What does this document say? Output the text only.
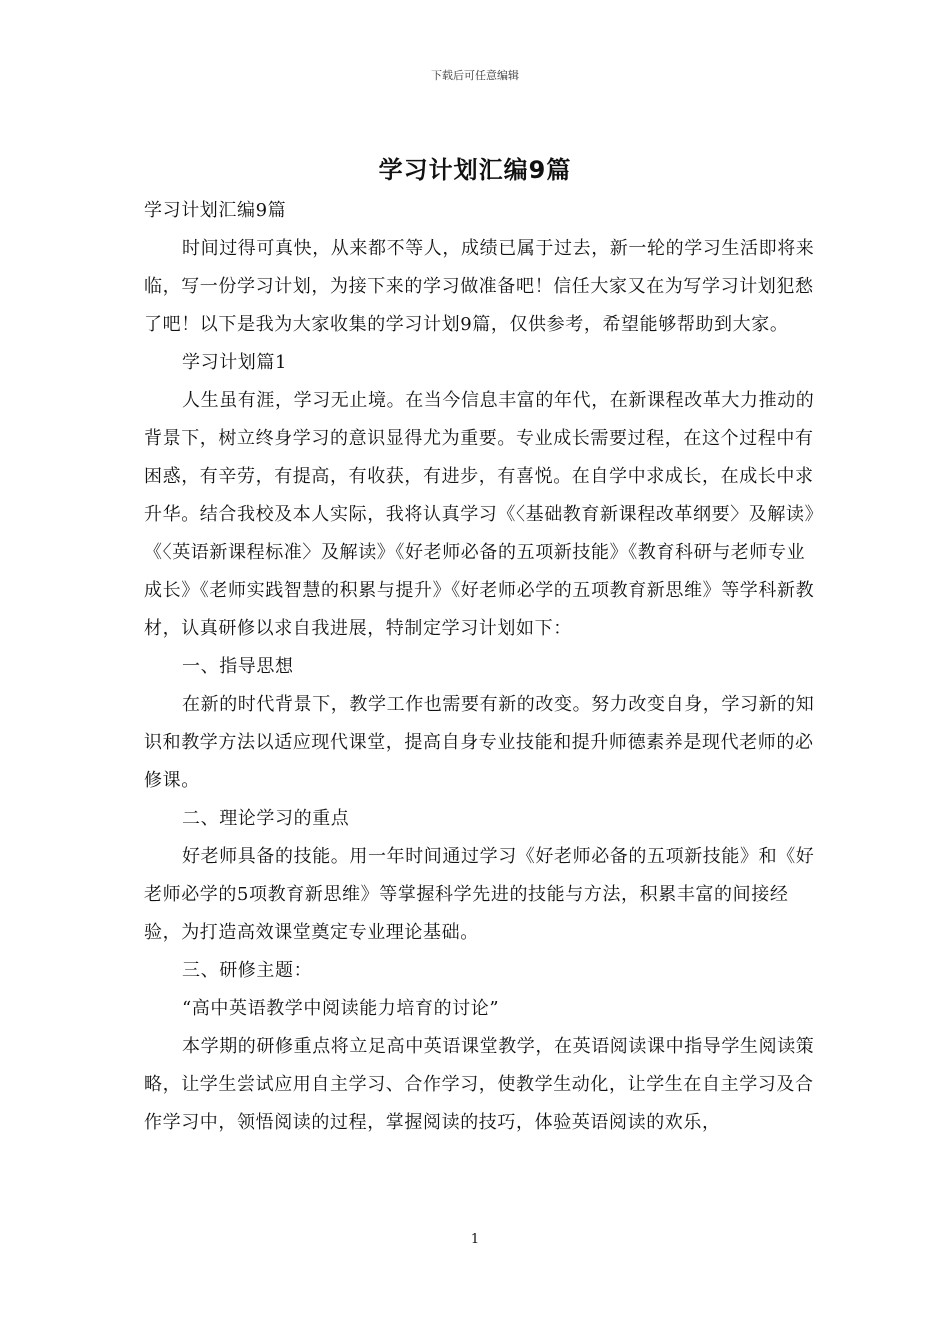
下载后可任意编辑
学习计划汇编9篇

学习计划汇编9篇

时间过得可真快，从来都不等人，成绩已属于过去，新一轮的学习生活即将来临，写一份学习计划，为接下来的学习做准备吧！信任大家又在为写学习计划犯愁了吧！以下是我为大家收集的学习计划9篇，仅供参考，希望能够帮助到大家。

学习计划篇1

人生虽有涯，学习无止境。在当今信息丰富的年代，在新课程改革大力推动的背景下，树立终身学习的意识显得尤为重要。专业成长需要过程，在这个过程中有困惑，有辛劳，有提高，有收获，有进步，有喜悦。在自学中求成长，在成长中求升华。结合我校及本人实际，我将认真学习《〈基础教育新课程改革纲要〉及解读》《〈英语新课程标准〉及解读》《好老师必备的五项新技能》《教育科研与老师专业成长》《老师实践智慧的积累与提升》《好老师必学的五项教育新思维》等学科新教材，认真研修以求自我进展，特制定学习计划如下：

一、指导思想

在新的时代背景下，教学工作也需要有新的改变。努力改变自身，学习新的知识和教学方法以适应现代课堂，提高自身专业技能和提升师德素养是现代老师的必修课。

二、理论学习的重点

好老师具备的技能。用一年时间通过学习《好老师必备的五项新技能》和《好老师必学的5项教育新思维》等掌握科学先进的技能与方法，积累丰富的间接经验，为打造高效课堂奠定专业理论基础。

三、研修主题：

“高中英语教学中阅读能力培育的讨论”

本学期的研修重点将立足高中英语课堂教学，在英语阅读课中指导学生阅读策略，让学生尝试应用自主学习、合作学习，使教学生动化，让学生在自主学习及合作学习中，领悟阅读的过程，掌握阅读的技巧，体验英语阅读的欢乐，

1
